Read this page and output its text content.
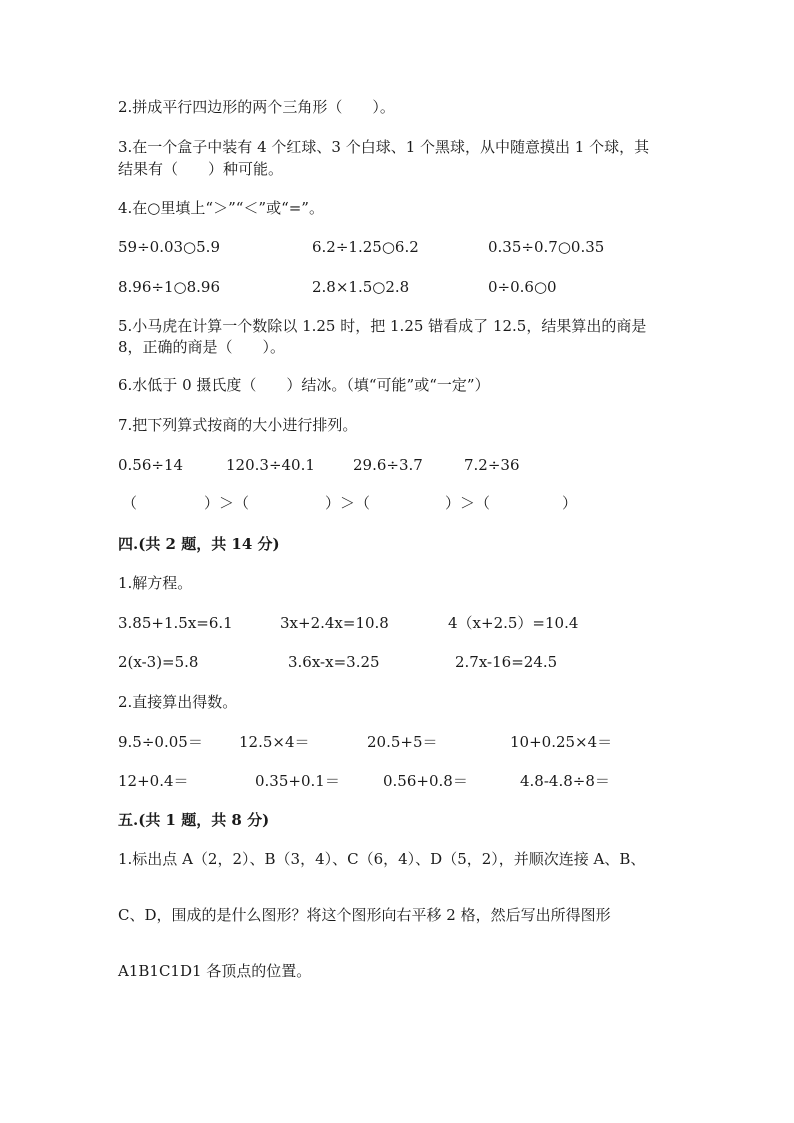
2.拼成平行四边形的两个三角形（　　）。
3.在一个盒子中装有 4 个红球、3 个白球、1 个黑球，从中随意摸出 1 个球，其
结果有（　　）种可能。
4.在○里填上“＞”“＜”或“=”。
59÷0.03○5.9	6.2÷1.25○6.2	0.35÷0.7○0.35
8.96÷1○8.96	2.8×1.5○2.8	0÷0.6○0
5.小马虎在计算一个数除以 1.25 时，把 1.25 错看成了 12.5，结果算出的商是
8，正确的商是（　　）。
6.水低于 0 摄氏度（　　）结冰。（填“可能”或“一定”）
7.把下列算式按商的大小进行排列。
0.56÷14	120.3÷40.1	29.6÷3.7	7.2÷36
（	）＞（	）＞（	）＞（	）
四.(共 2 题，共 14 分)
1.解方程。
3.85+1.5x=6.1	3x+2.4x=10.8	4（x+2.5）=10.4
2(x-3)=5.8	3.6x-x=3.25	2.7x-16=24.5
2.直接算出得数。
9.5÷0.05＝ 12.5×4＝	20.5+5＝	10+0.25×4＝
12+0.4＝	0.35+0.1＝	0.56+0.8＝	4.8-4.8÷8＝
五.(共 1 题，共 8 分)
1.标出点 A（2，2）、B（3，4）、C（6，4）、D（5，2），并顺次连接 A、B、
C、D，围成的是什么图形？将这个图形向右平移 2 格，然后写出所得图形
A1B1C1D1 各顶点的位置。
